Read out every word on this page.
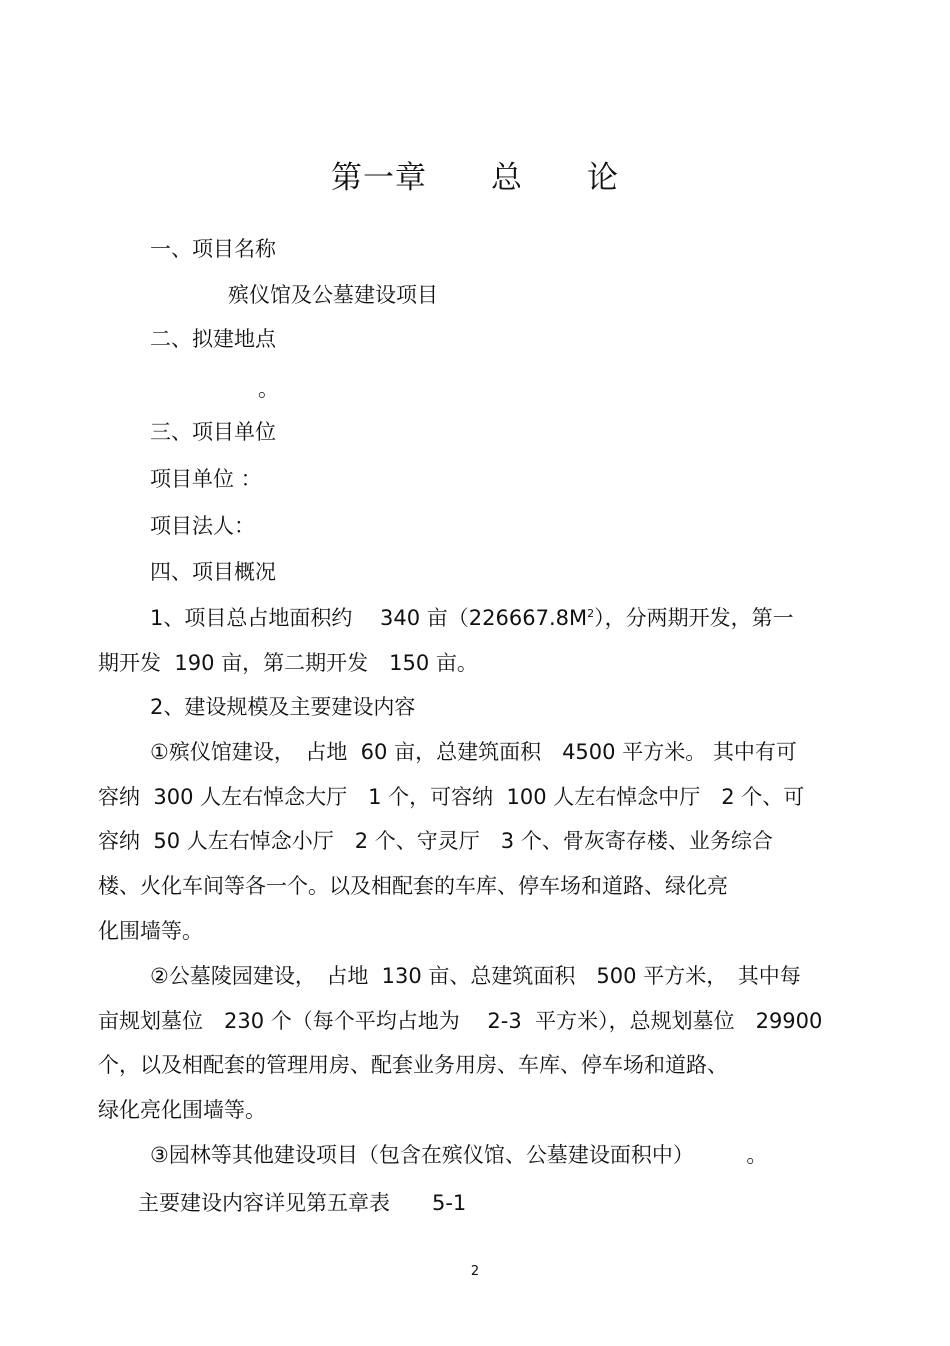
第一章　　总　　论
一、项目名称
殡仪馆及公墓建设项目
二、拟建地点
。
三、项目单位
项目单位 ：
项目法人：
四、项目概况
1、项目总占地面积约　 340 亩$(226667.8M^2)$，分两期开发，第一
期开发  190 亩，第二期开发　150 亩。
2、建设规模及主要建设内容
①殡仪馆建设，　占地  60 亩，总建筑面积　4500 平方米。 其中有可
容纳  300 人左右悼念大厅　1 个，可容纳  100 人左右悼念中厅　2 个、可
容纳  50 人左右悼念小厅　2 个、守灵厅　3 个、骨灰寄存楼、业务综合
楼、火化车间等各一个。以及相配套的车库、停车场和道路、绿化亮
化围墙等。
②公墓陵园建设，　占地  130 亩、总建筑面积　500 平方米，　其中每
亩规划墓位　230 个（每个平均占地为　 2-3  平方米），总规划墓位　29900
个，以及相配套的管理用房、配套业务用房、车库、停车场和道路、
绿化亮化围墙等。
③园林等其他建设项目（包含在殡仪馆、公墓建设面积中）　　　。
主要建设内容详见第五章表　　5-1
2
